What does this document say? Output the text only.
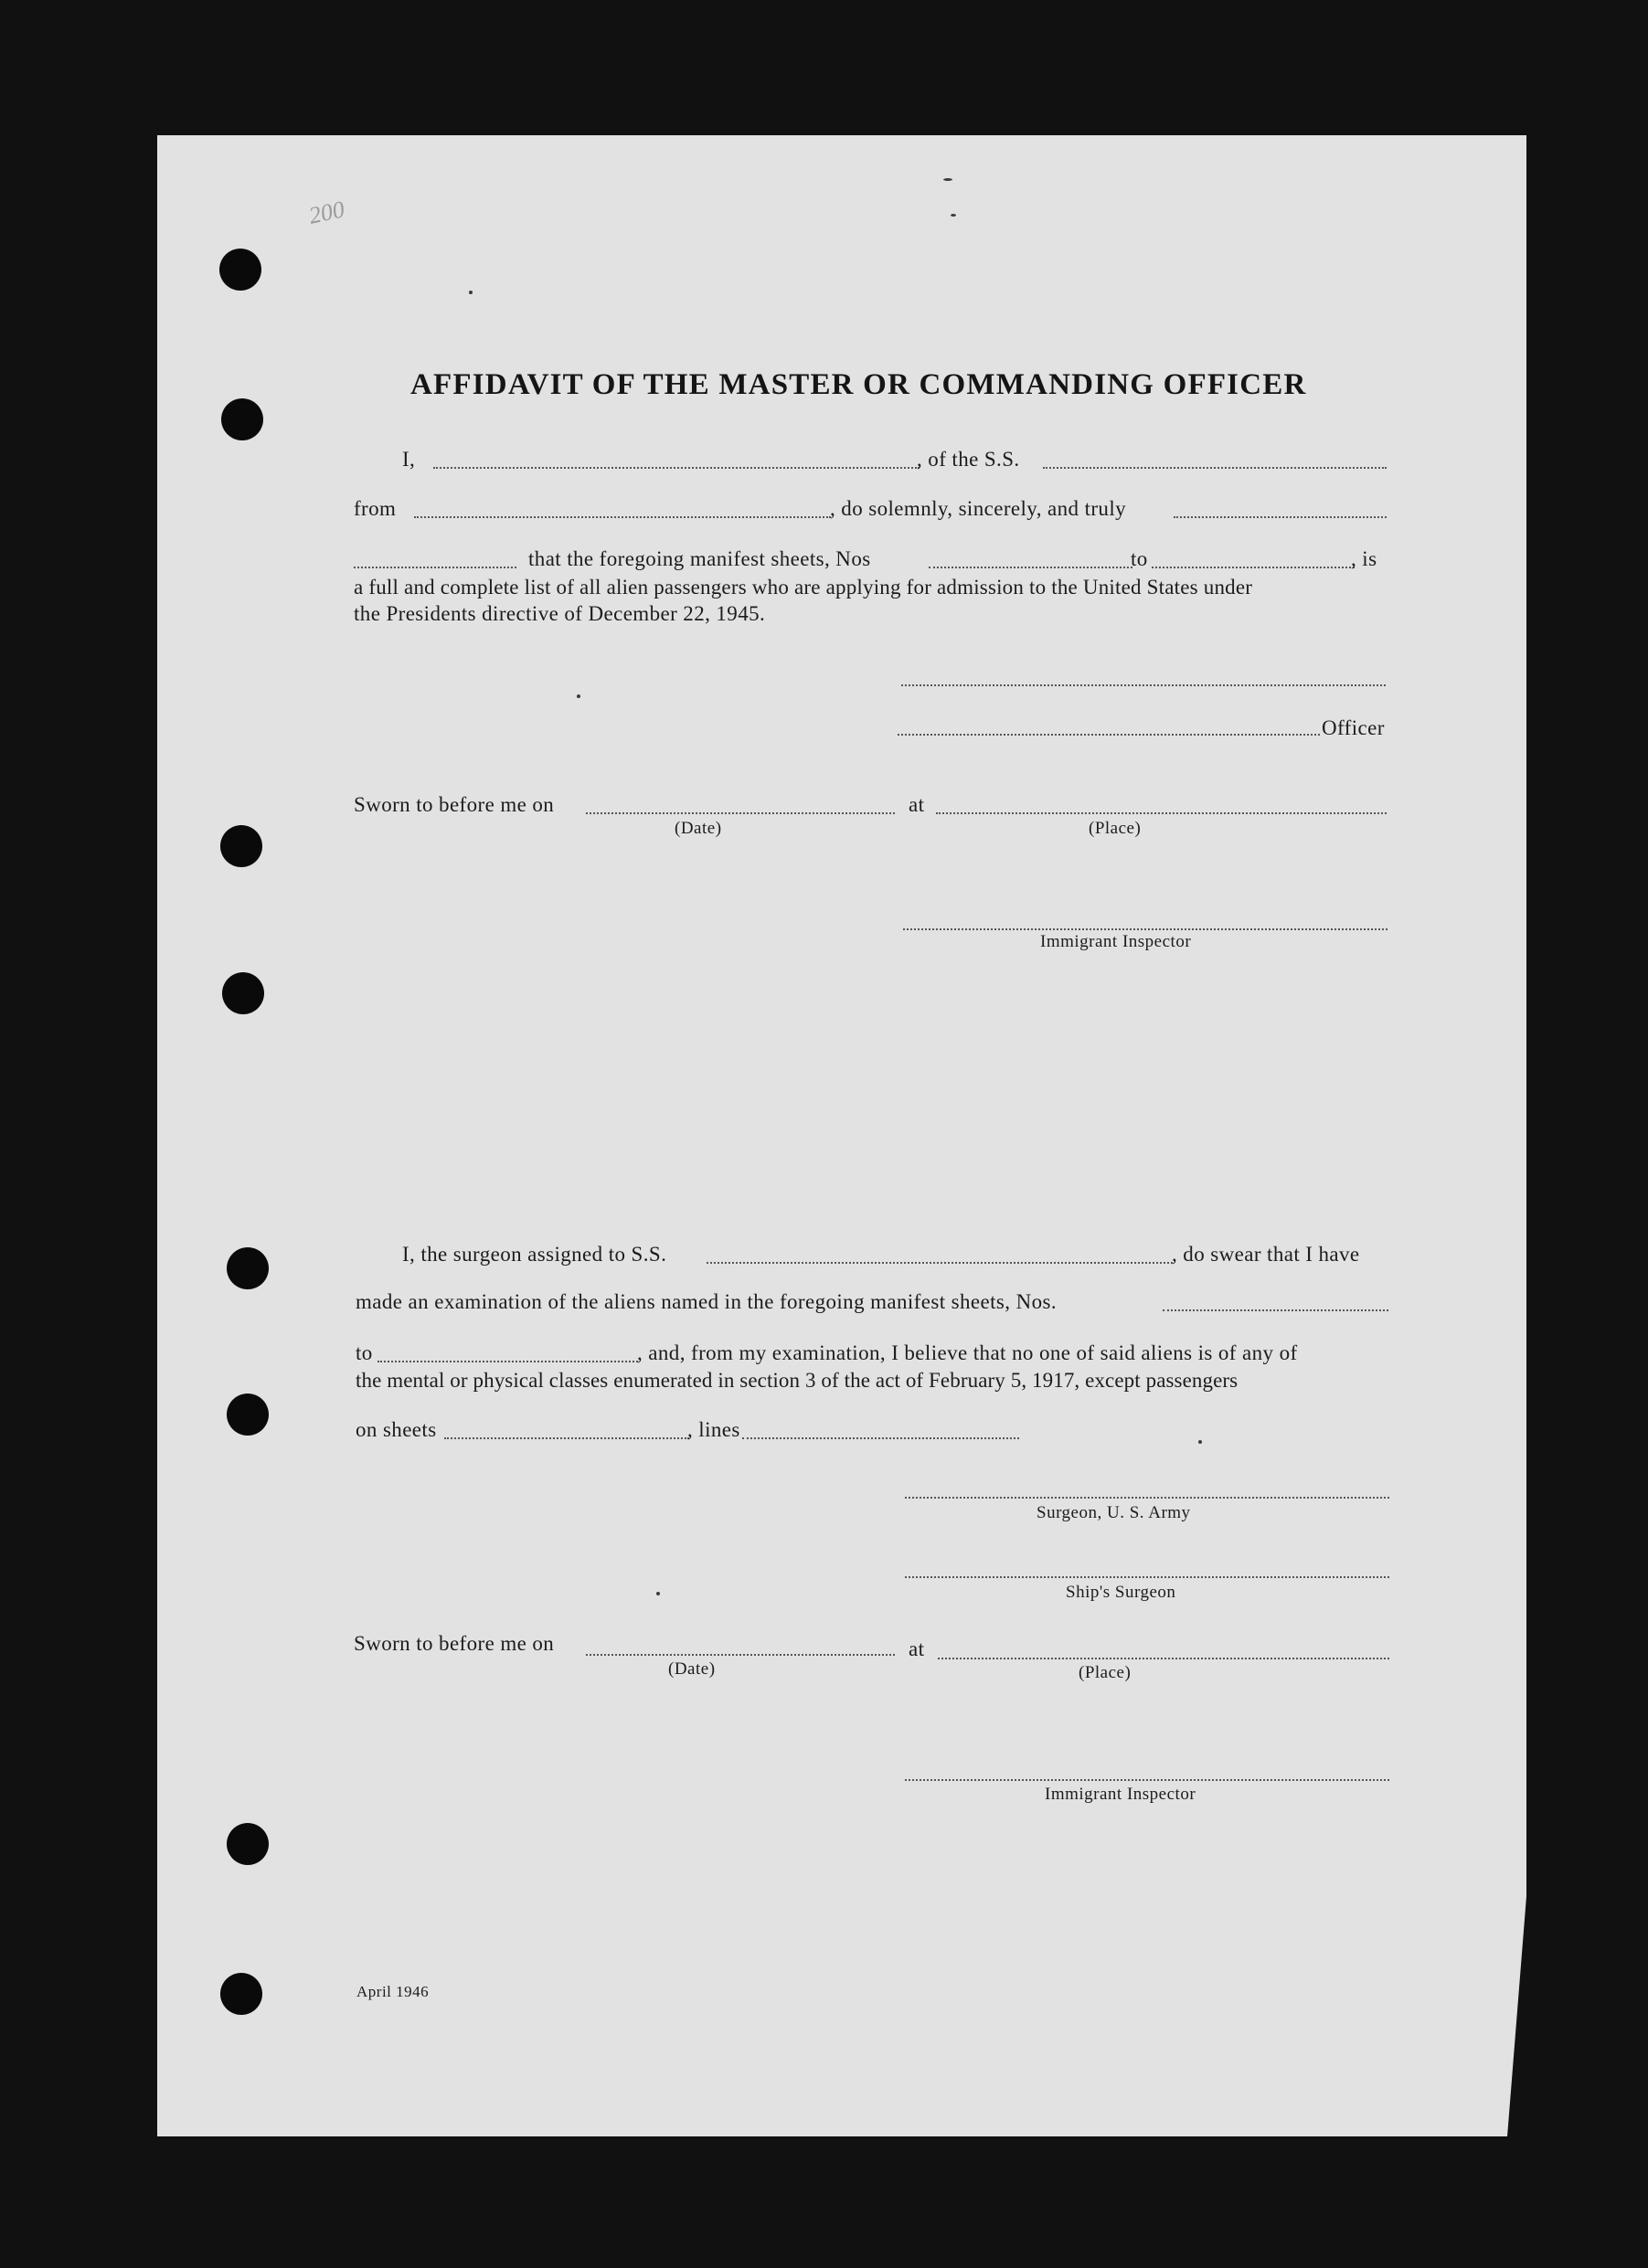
200
AFFIDAVIT OF THE MASTER OR COMMANDING OFFICER
I,	, of the S.S.
from	, do solemnly, sincerely, and truly
that the foregoing manifest sheets, Nos	to	, is
a full and complete list of all alien passengers who are applying for admission to the United States under
the Presidents directive of December 22, 1945.
Officer
Sworn to before me on	at
(Date)	(Place)
Immigrant Inspector
I, the surgeon assigned to S.S.	, do swear that I have
made an examination of the aliens named in the foregoing manifest sheets, Nos.
to	, and, from my examination, I believe that no one of said aliens is of any of
the mental or physical classes enumerated in section 3 of the act of February 5, 1917, except passengers
on sheets	, lines
Surgeon, U. S. Army
Ship's Surgeon
Sworn to before me on	at
(Date)	(Place)
Immigrant Inspector
April 1946
